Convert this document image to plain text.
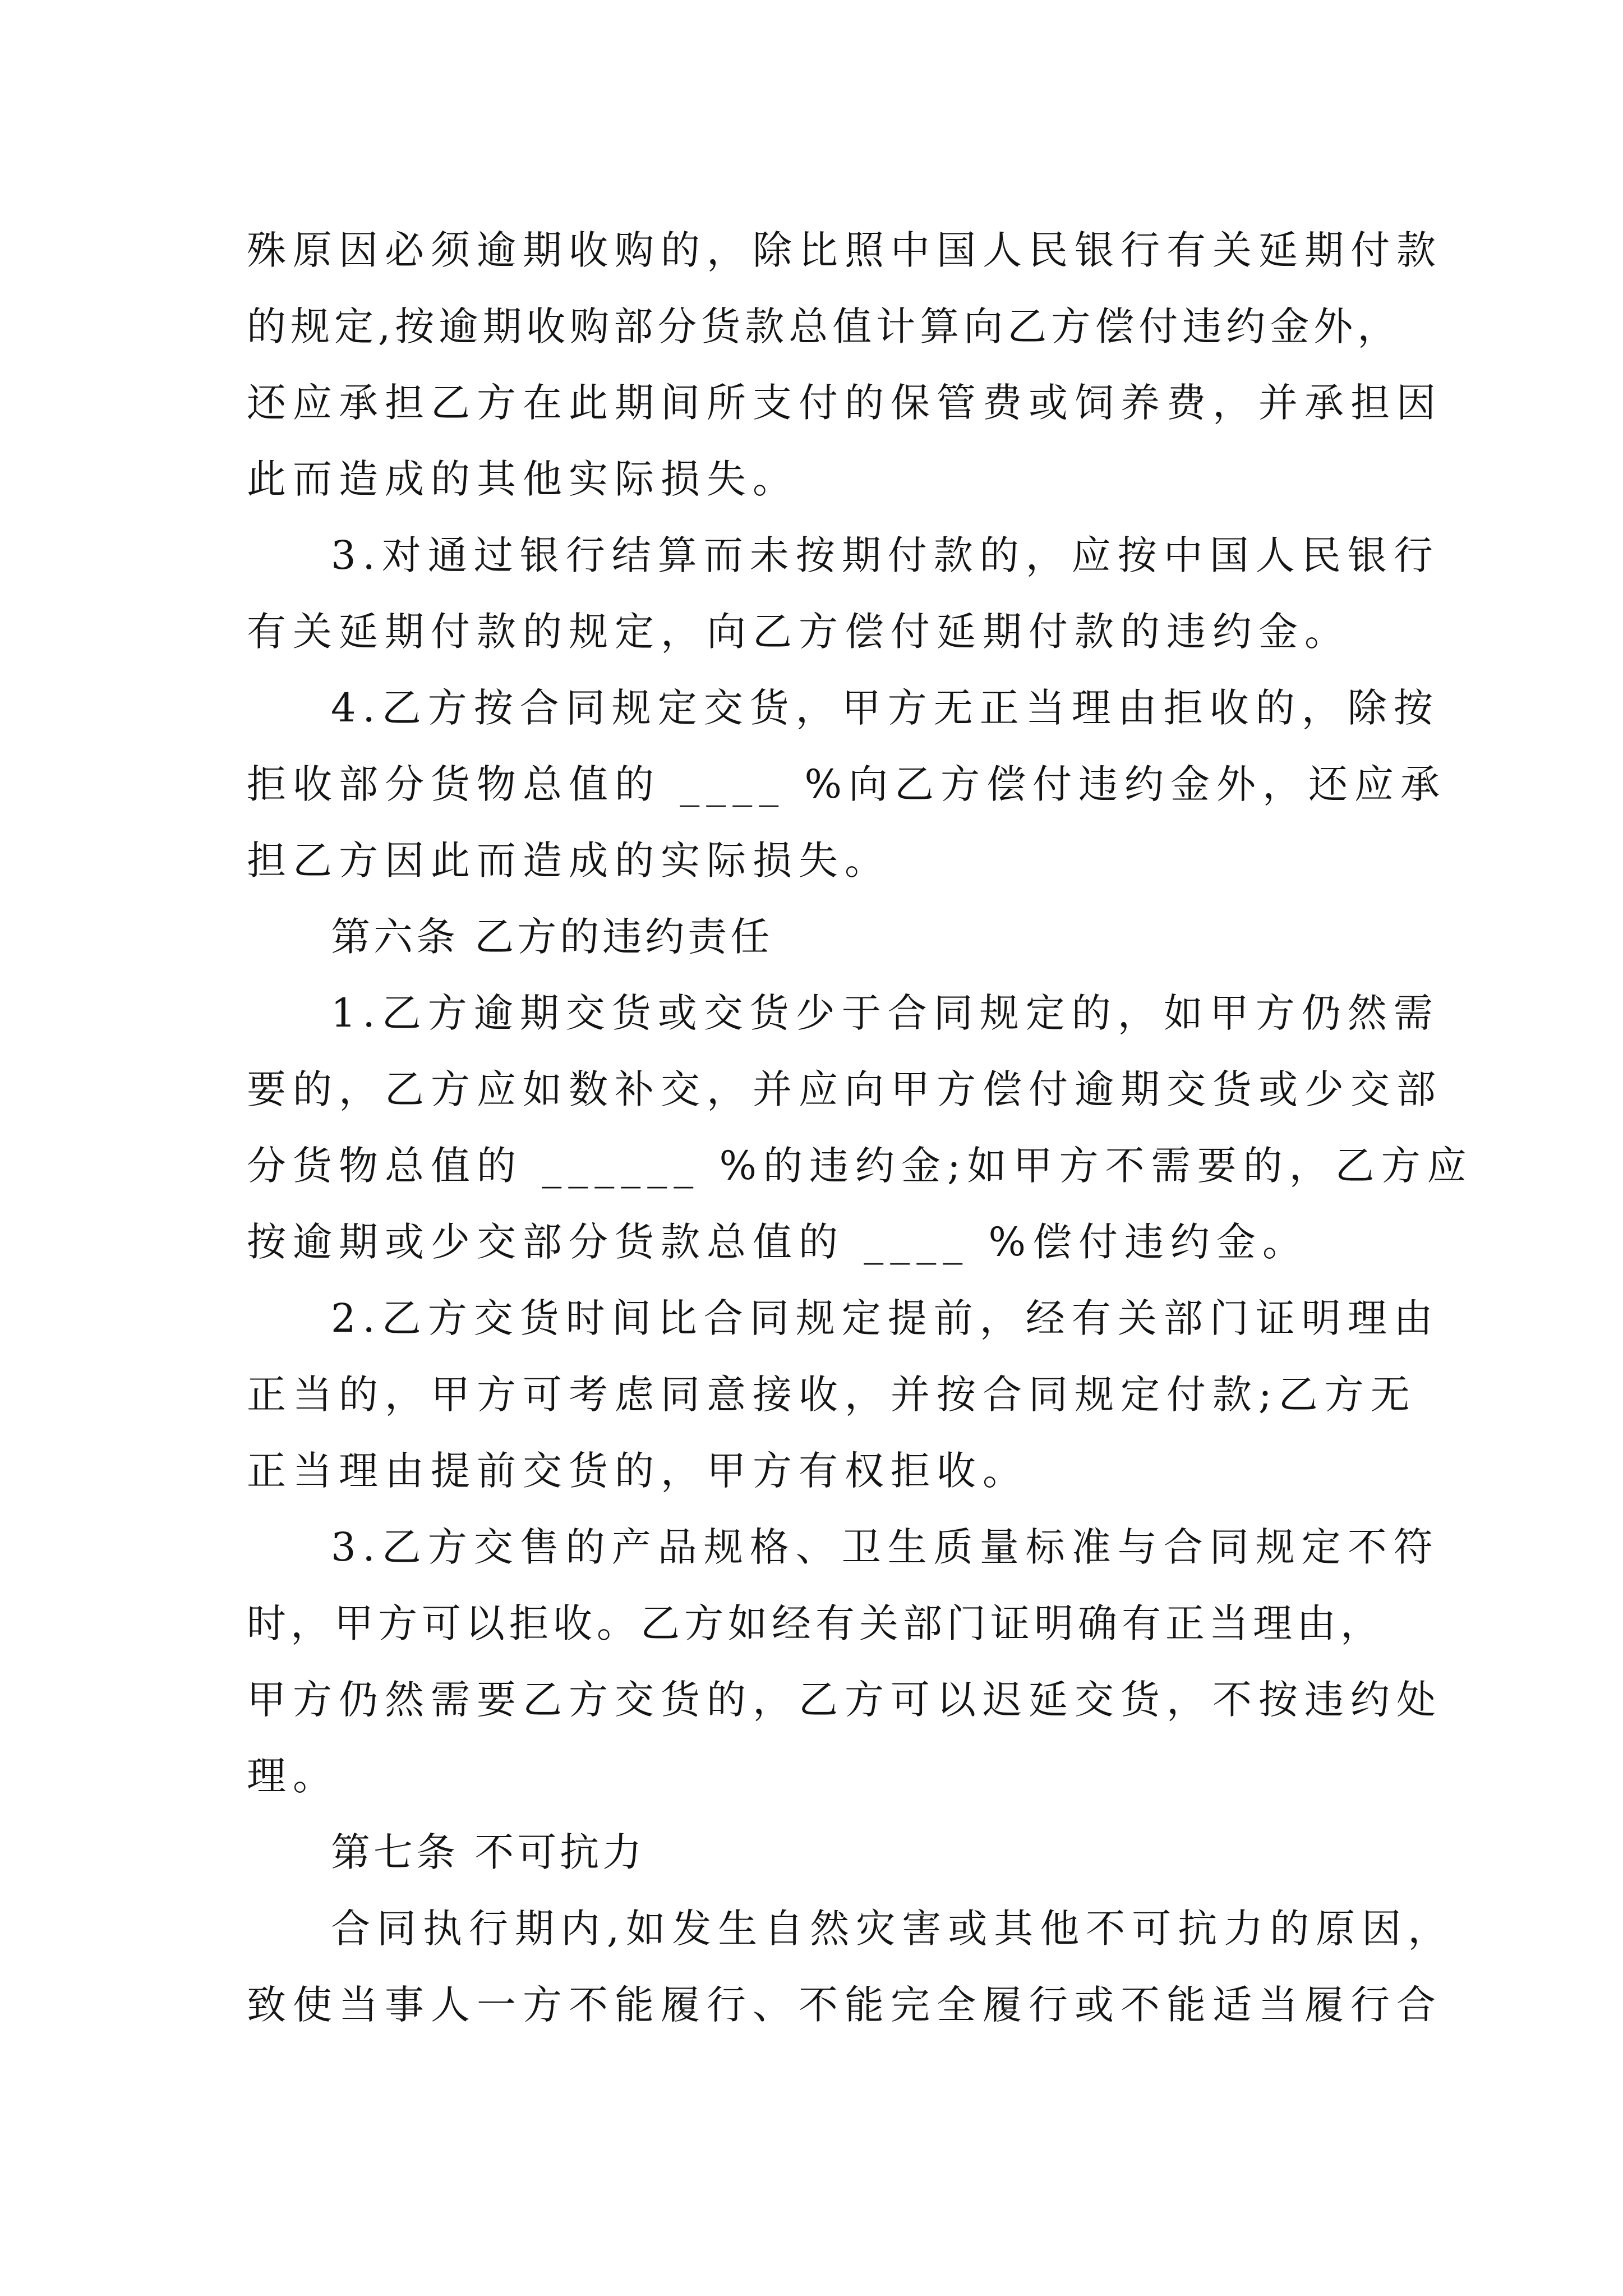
殊原因必须逾期收购的，除比照中国人民银行有关延期付款
的规定,按逾期收购部分货款总值计算向乙方偿付违约金外，
还应承担乙方在此期间所支付的保管费或饲养费，并承担因
此而造成的其他实际损失。
3.对通过银行结算而未按期付款的，应按中国人民银行
有关延期付款的规定，向乙方偿付延期付款的违约金。
4.乙方按合同规定交货，甲方无正当理由拒收的，除按
拒收部分货物总值的 ____ %向乙方偿付违约金外，还应承
担乙方因此而造成的实际损失。
第六条 乙方的违约责任
1.乙方逾期交货或交货少于合同规定的，如甲方仍然需
要的，乙方应如数补交，并应向甲方偿付逾期交货或少交部
分货物总值的 ______ %的违约金;如甲方不需要的，乙方应
按逾期或少交部分货款总值的 ____ %偿付违约金。
2.乙方交货时间比合同规定提前，经有关部门证明理由
正当的，甲方可考虑同意接收，并按合同规定付款;乙方无
正当理由提前交货的，甲方有权拒收。
3.乙方交售的产品规格、卫生质量标准与合同规定不符
时，甲方可以拒收。乙方如经有关部门证明确有正当理由，
甲方仍然需要乙方交货的，乙方可以迟延交货，不按违约处
理。
第七条 不可抗力
合同执行期内,如发生自然灾害或其他不可抗力的原因，
致使当事人一方不能履行、不能完全履行或不能适当履行合
